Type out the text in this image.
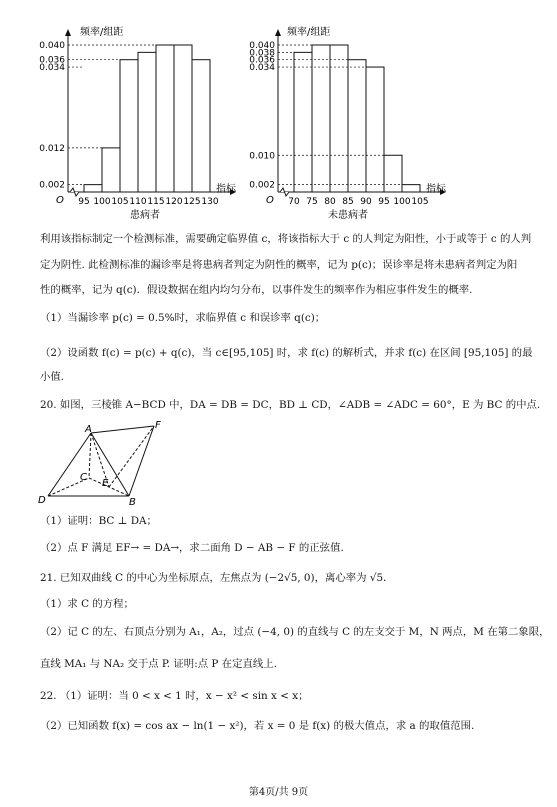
0.040
0.036
0.034
0.012
0.002
95 100 105 110 115 120 125 130
频率/组距
指标
患病者
O
0.040
0.038
0.036
0.034
0.010
0.002
70 75 80 85 90 95 100 105
频率/组距
指标
未患病者
O
利用该指标制定一个检测标准，需要确定临界值 c，将该指标大于 c 的人判定为阳性，小于或等于 c 的人判
定为阴性. 此检测标准的漏诊率是将患病者判定为阴性的概率，记为 p(c)；误诊率是将未患病者判定为阳
性的概率，记为 q(c)．假设数据在组内均匀分布，以事件发生的频率作为相应事件发生的概率.
（1）当漏诊率 p(c) = 0.5%时，求临界值 c 和误诊率 q(c)；
（2）设函数 f(c) = p(c) + q(c)，当 c∈[95,105] 时，求 f(c) 的解析式，并求 f(c) 在区间 [95,105] 的最
小值.
20. 如图，三棱锥 A−BCD 中，DA = DB = DC，BD ⊥ CD，∠ADB = ∠ADC = 60°，E 为 BC 的中点.
A
B
C
D
E
F
（1）证明：BC ⊥ DA；
（2）点 F 满足 EF→ = DA→，求二面角 D − AB − F 的正弦值.
21. 已知双曲线 C 的中心为坐标原点，左焦点为 (−2√5, 0)，离心率为 √5．
（1）求 C 的方程；
（2）记 C 的左、右顶点分别为 A₁，A₂，过点 (−4, 0) 的直线与 C 的左支交于 M，N 两点，M 在第二象限，
直线 MA₁ 与 NA₂ 交于点 P. 证明:点 P 在定直线上.
22. （1）证明：当 0 < x < 1 时，x − x² < sin x < x；
（2）已知函数 f(x) = cos ax − ln(1 − x²)，若 x = 0 是 f(x) 的极大值点，求 a 的取值范围.
第4页/共 9页
